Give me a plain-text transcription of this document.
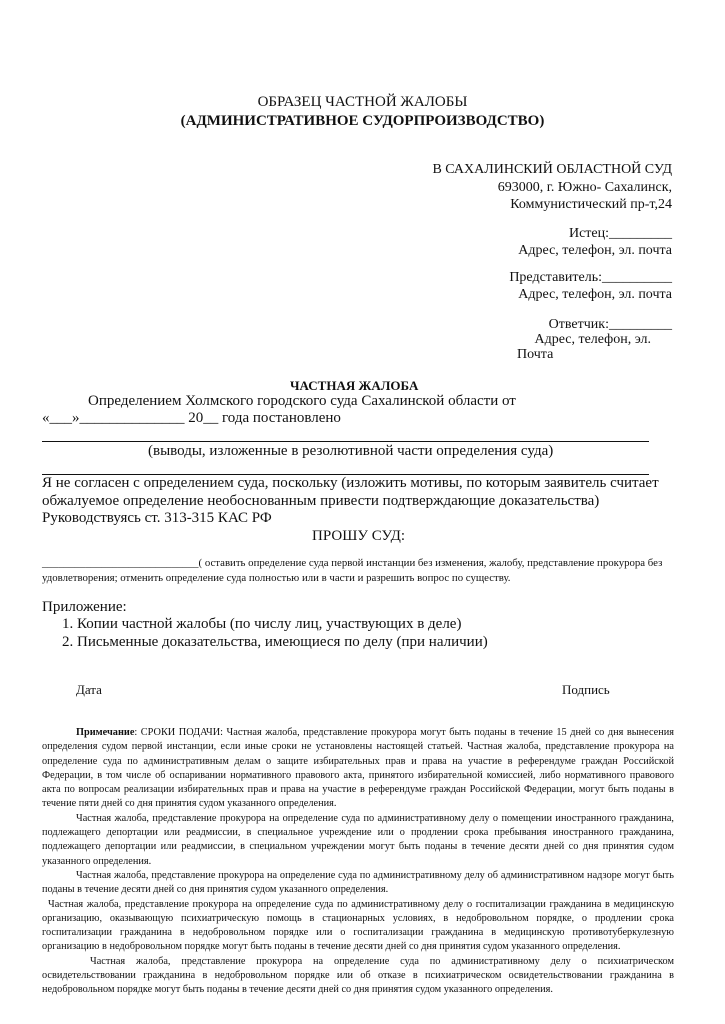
ОБРАЗЕЦ ЧАСТНОЙ ЖАЛОБЫ
(АДМИНИСТРАТИВНОЕ СУДОРПРОИЗВОДСТВО)
В САХАЛИНСКИЙ ОБЛАСТНОЙ СУД
693000, г. Южно- Сахалинск,
Коммунистический пр-т,24
Истец:_________
Адрес, телефон, эл. почта
Представитель:__________
Адрес, телефон, эл. почта
Ответчик:_________
Адрес, телефон, эл.
Почта
ЧАСТНАЯ ЖАЛОБА
Определением Холмского городского суда Сахалинской области от
«___»______________ 20__ года постановлено
(выводы, изложенные в резолютивной части определения суда)
Я не согласен с определением суда, поскольку (изложить мотивы, по которым заявитель считает
обжалуемое определение необоснованным привести подтверждающие доказательства)
Руководствуясь ст. 313-315 КАС РФ
ПРОШУ СУД:
_____________________________( оставить определение суда первой инстанции без изменения, жалобу, представление прокурора без
удовлетворения; отменить определение суда полностью или в части и разрешить вопрос по существу.
Приложение:
1. Копии частной жалобы (по числу лиц, участвующих в деле)
2. Письменные доказательства, имеющиеся по делу (при наличии)
Дата	Подпись

Примечание: СРОКИ ПОДАЧИ: Частная жалоба, представление прокурора могут быть поданы в течение 15 дней со дня вынесения определения судом первой инстанции, если иные сроки не установлены настоящей статьей. Частная жалоба, представление прокурора на определение суда по административным делам о защите избирательных прав и права на участие в референдуме граждан Российской Федерации, в том числе об оспаривании нормативного правового акта, принятого избирательной комиссией, либо нормативного правового акта по вопросам реализации избирательных прав и права на участие в референдуме граждан Российской Федерации, могут быть поданы в течение пяти дней со дня принятия судом указанного определения.

Частная жалоба, представление прокурора на определение суда по административному делу о помещении иностранного гражданина, подлежащего депортации или реадмиссии, в специальное учреждение или о продлении срока пребывания иностранного гражданина, подлежащего депортации или реадмиссии, в специальном учреждении могут быть поданы в течение десяти дней со дня принятия судом указанного определения.

Частная жалоба, представление прокурора на определение суда по административному делу об административном надзоре могут быть поданы в течение десяти дней со дня принятия судом указанного определения.

Частная жалоба, представление прокурора на определение суда по административному делу о госпитализации гражданина в медицинскую организацию, оказывающую психиатрическую помощь в стационарных условиях, в недобровольном порядке, о продлении срока госпитализации гражданина в недобровольном порядке или о госпитализации гражданина в медицинскую противотуберкулезную организацию в недобровольном порядке могут быть поданы в течение десяти дней со дня принятия судом указанного определения.

Частная жалоба, представление прокурора на определение суда по административному делу о психиатрическом освидетельствовании гражданина в недобровольном порядке или об отказе в психиатрическом освидетельствовании гражданина в недобровольном порядке могут быть поданы в течение десяти дней со дня принятия судом указанного определения.
